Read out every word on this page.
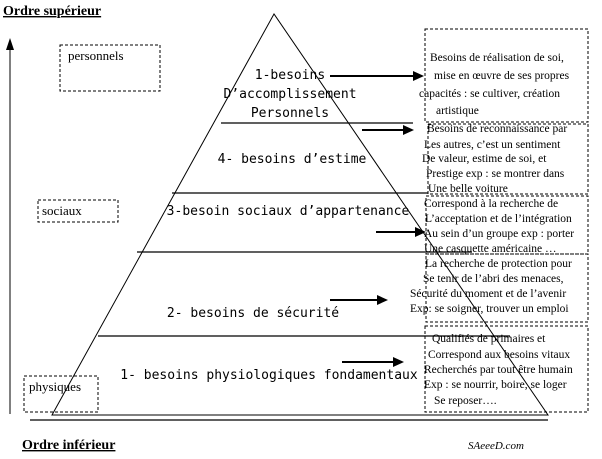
Ordre supérieur
Ordre inférieur
personnels
sociaux
physiques
1-besoins
D’accomplissement
Personnels
4- besoins d’estime
3-besoin sociaux d’appartenance
2- besoins de sécurité
1- besoins physiologiques fondamentaux
Besoins de réalisation de soi,
mise en œuvre de ses propres
capacités : se cultiver, création
artistique
Besoins de reconnaissance par
Les autres, c’est un sentiment
De valeur, estime de soi, et
Prestige exp : se montrer dans
Une belle voiture
Correspond à la recherche de
L’acceptation et de l’intégration
Au sein d’un groupe exp : porter
Une casquette américaine …
La recherche de protection pour
Se tenir de l’abri des menaces,
Sécurité du moment et de l’avenir
Exp: se soigner, trouver un emploi
Qualifiés de primaires et
Correspond aux besoins vitaux
Recherchés par tout être humain
Exp : se nourrir, boire, se loger
Se reposer….
SAeeeD.com
